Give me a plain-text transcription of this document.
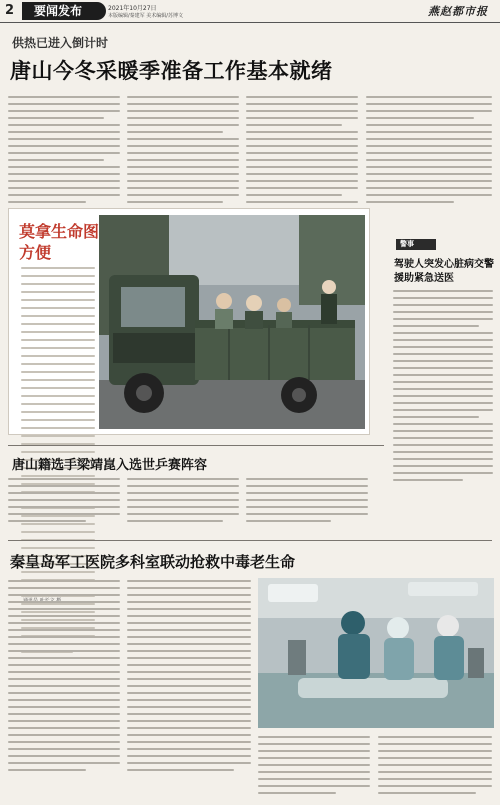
2	要闻发布	2021年10月27日
本版编辑/秦建军 美术编辑/苏博文	燕赵都市报
供热已进入倒计时
唐山今冬采暖季准备工作基本就绪
莫拿生命图方便	警事
驾驶人突发心脏病交警援助紧急送医
唐山籍选手梁靖崑入选世乒赛阵容
秦皇岛军工医院多科室联动抢救中毒老生命
